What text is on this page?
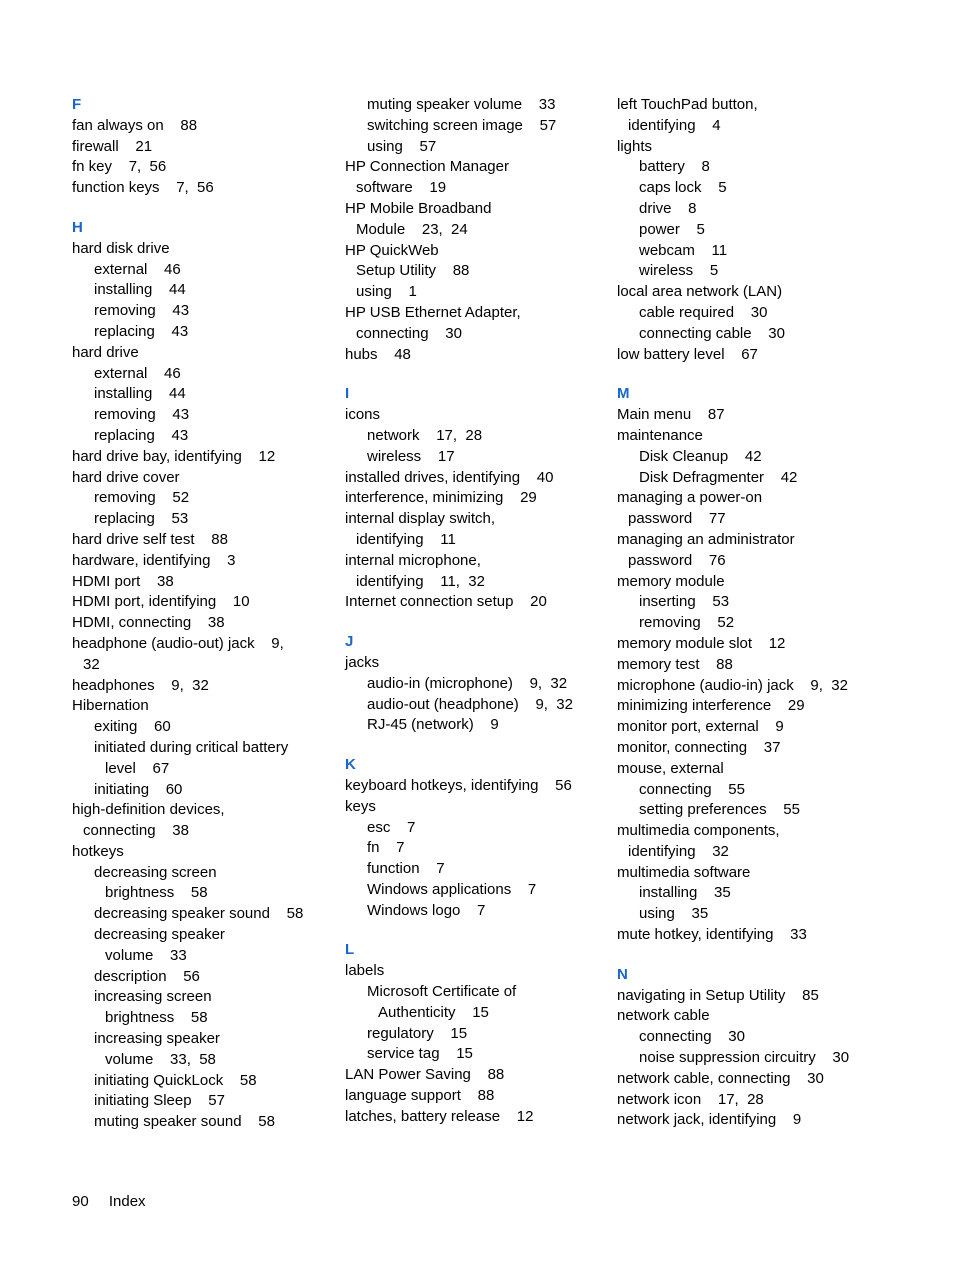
F
fan always on    88
firewall    21
fn key    7,  56
function keys    7,  56
H
hard disk drive
external    46
installing    44
removing    43
replacing    43
hard drive
external    46
installing    44
removing    43
replacing    43
hard drive bay, identifying    12
hard drive cover
removing    52
replacing    53
hard drive self test    88
hardware, identifying    3
HDMI port    38
HDMI port, identifying    10
HDMI, connecting    38
headphone (audio-out) jack    9,
32
headphones    9,  32
Hibernation
exiting    60
initiated during critical battery
level    67
initiating    60
high-definition devices,
connecting    38
hotkeys
decreasing screen
brightness    58
decreasing speaker sound    58
decreasing speaker
volume    33
description    56
increasing screen
brightness    58
increasing speaker
volume    33,  58
initiating QuickLock    58
initiating Sleep    57
muting speaker sound    58
muting speaker volume    33
switching screen image    57
using    57
HP Connection Manager
software    19
HP Mobile Broadband
Module    23,  24
HP QuickWeb
Setup Utility    88
using    1
HP USB Ethernet Adapter,
connecting    30
hubs    48
I
icons
network    17,  28
wireless    17
installed drives, identifying    40
interference, minimizing    29
internal display switch,
identifying    11
internal microphone,
identifying    11,  32
Internet connection setup    20
J
jacks
audio-in (microphone)    9,  32
audio-out (headphone)    9,  32
RJ-45 (network)    9
K
keyboard hotkeys, identifying    56
keys
esc    7
fn    7
function    7
Windows applications    7
Windows logo    7
L
labels
Microsoft Certificate of
Authenticity    15
regulatory    15
service tag    15
LAN Power Saving    88
language support    88
latches, battery release    12
left TouchPad button,
identifying    4
lights
battery    8
caps lock    5
drive    8
power    5
webcam    11
wireless    5
local area network (LAN)
cable required    30
connecting cable    30
low battery level    67
M
Main menu    87
maintenance
Disk Cleanup    42
Disk Defragmenter    42
managing a power-on
password    77
managing an administrator
password    76
memory module
inserting    53
removing    52
memory module slot    12
memory test    88
microphone (audio-in) jack    9,  32
minimizing interference    29
monitor port, external    9
monitor, connecting    37
mouse, external
connecting    55
setting preferences    55
multimedia components,
identifying    32
multimedia software
installing    35
using    35
mute hotkey, identifying    33
N
navigating in Setup Utility    85
network cable
connecting    30
noise suppression circuitry    30
network cable, connecting    30
network icon    17,  28
network jack, identifying    9
90 Index
